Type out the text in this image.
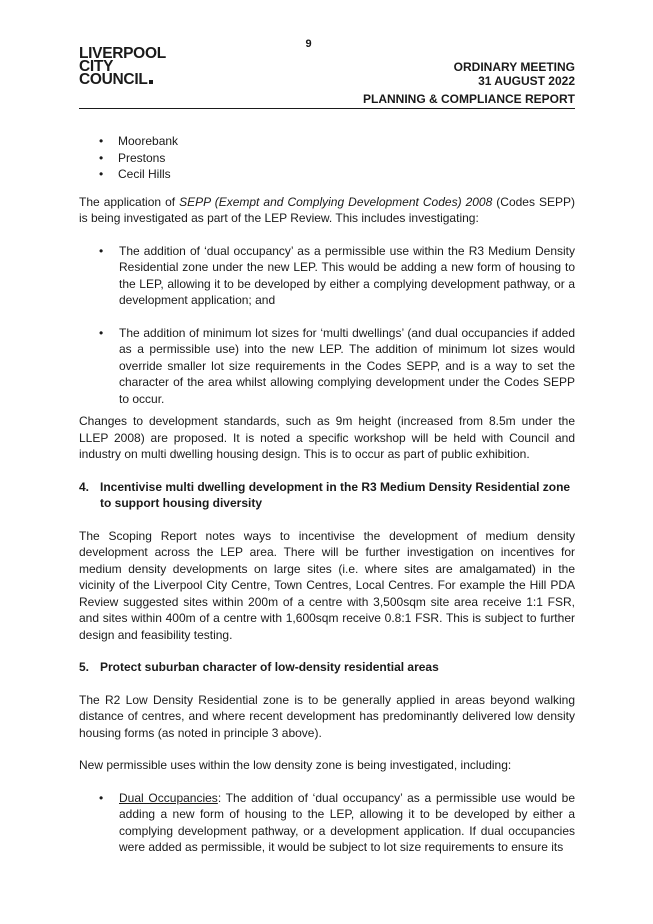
9
LIVERPOOL
CITY
COUNCIL
ORDINARY MEETING
31 AUGUST 2022
PLANNING & COMPLIANCE REPORT
• Moorebank
• Prestons
• Cecil Hills

The application of SEPP (Exempt and Complying Development Codes) 2008 (Codes SEPP) is being investigated as part of the LEP Review. This includes investigating:

• The addition of ‘dual occupancy’ as a permissible use within the R3 Medium Density Residential zone under the new LEP. This would be adding a new form of housing to the LEP, allowing it to be developed by either a complying development pathway, or a development application; and
• The addition of minimum lot sizes for ‘multi dwellings’ (and dual occupancies if added as a permissible use) into the new LEP. The addition of minimum lot sizes would override smaller lot size requirements in the Codes SEPP, and is a way to set the character of the area whilst allowing complying development under the Codes SEPP to occur.

Changes to development standards, such as 9m height (increased from 8.5m under the LLEP 2008) are proposed. It is noted a specific workshop will be held with Council and industry on multi dwelling housing design. This is to occur as part of public exhibition.

4. Incentivise multi dwelling development in the R3 Medium Density Residential zone to support housing diversity

The Scoping Report notes ways to incentivise the development of medium density development across the LEP area. There will be further investigation on incentives for medium density developments on large sites (i.e. where sites are amalgamated) in the vicinity of the Liverpool City Centre, Town Centres, Local Centres. For example the Hill PDA Review suggested sites within 200m of a centre with 3,500sqm site area receive 1:1 FSR, and sites within 400m of a centre with 1,600sqm receive 0.8:1 FSR. This is subject to further design and feasibility testing.

5. Protect suburban character of low-density residential areas

The R2 Low Density Residential zone is to be generally applied in areas beyond walking distance of centres, and where recent development has predominantly delivered low density housing forms (as noted in principle 3 above).

New permissible uses within the low density zone is being investigated, including:

• Dual Occupancies: The addition of ‘dual occupancy’ as a permissible use would be adding a new form of housing to the LEP, allowing it to be developed by either a complying development pathway, or a development application. If dual occupancies were added as permissible, it would be subject to lot size requirements to ensure its
